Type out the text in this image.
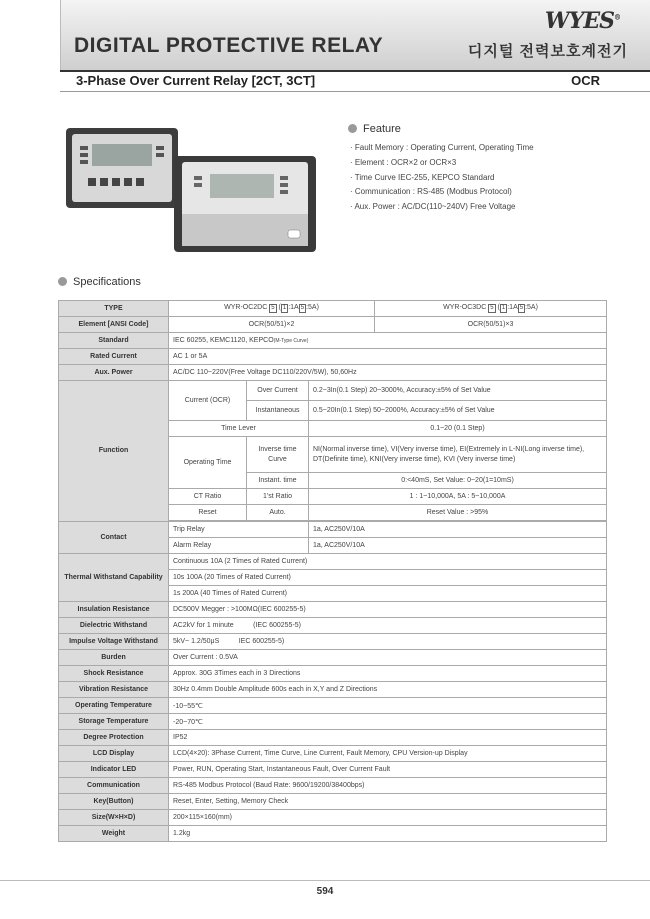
WYES®
DIGITAL PROTECTIVE RELAY	디지털 전력보호계전기
3-Phase Over Current Relay [2CT, 3CT]	OCR
Feature
· Fault Memory : Operating Current, Operating Time
· Element : OCR×2 or OCR×3
· Time Curve IEC-255, KEPCO Standard
· Communication : RS-485 (Modbus Protocol)
· Aux. Power : AC/DC(110~240V) Free Voltage
Specifications
TYPE	WYR-OC2DC 5 ( 1 :1A 5 :5A)			WYR-OC3DC 5 ( 1 :1A 5 :5A)
Element [ANSI Code]	OCR(50/51)×2			OCR(50/51)×3
Standard	IEC 60255, KEMC1120, KEPCO(M-Type Curve)			
Rated Current	AC 1 or 5A			
Aux. Power	AC/DC 110~220V(Free Voltage DC110/220V/5W), 50,60Hz			
Function	Current (OCR)	Over Current	0.2~3In(0.1 Step) 20~3000%, Accuracy:±5% of Set Value	
		Instantaneous	0.5~20In(0.1 Step) 50~2000%, Accuracy:±5% of Set Value	
	Time Lever		0.1~20 (0.1 Step)	
	Operating Time	Inverse time Curve	NI(Normal inverse time), VI(Very inverse time), EI(Extremely in L-NI(Long inverse time), DT(Definite time), KNI(Very inverse time), KVI (Very inverse time)	
		Instant. time	0:<40mS, Set Value: 0~20(1=10mS)	
	CT Ratio	1'st Ratio	1 : 1~10,000A, 5A : 5~10,000A	
	Reset	Auto.	Reset Value : >95%	

Contact	Trip Relay		1a, AC250V/10A	
	Alarm Relay		1a, AC250V/10A	
Thermal Withstand Capability	Continuous 10A (2 Times of Rated Current)			
	10s 100A (20 Times of Rated Current)			
	1s 200A (40 Times of Rated Current)			
Insulation Resistance	DC500V Megger : >100MΩ(IEC 600255-5)			
Dielectric Withstand	AC2kV for 1 minute          (IEC 600255-5)			
Impulse Voltage Withstand	5kV~ 1.2/50μS          IEC 600255-5)			
Burden	Over Current : 0.5VA			
Shock Resistance	Approx. 30G 3Times each in 3 Directions			
Vibration Resistance	30Hz 0.4mm Double Amplitude 600s each in X,Y and Z Directions			
Operating Temperature	-10~55℃			
Storage Temperature	-20~70℃			
Degree Protection	IP52			
LCD Display	LCD(4×20): 3Phase Current, Time Curve, Line Current, Fault Memory, CPU Version-up Display			
Indicator LED	Power, RUN, Operating Start, Instantaneous Fault, Over Current Fault			
Communication	RS-485 Modbus Protocol (Baud Rate: 9600/19200/38400bps)			
Key(Button)	Reset, Enter, Setting, Memory Check			
Size(W×H×D)	200×115×160(mm)			
Weight	1.2kg			
594
